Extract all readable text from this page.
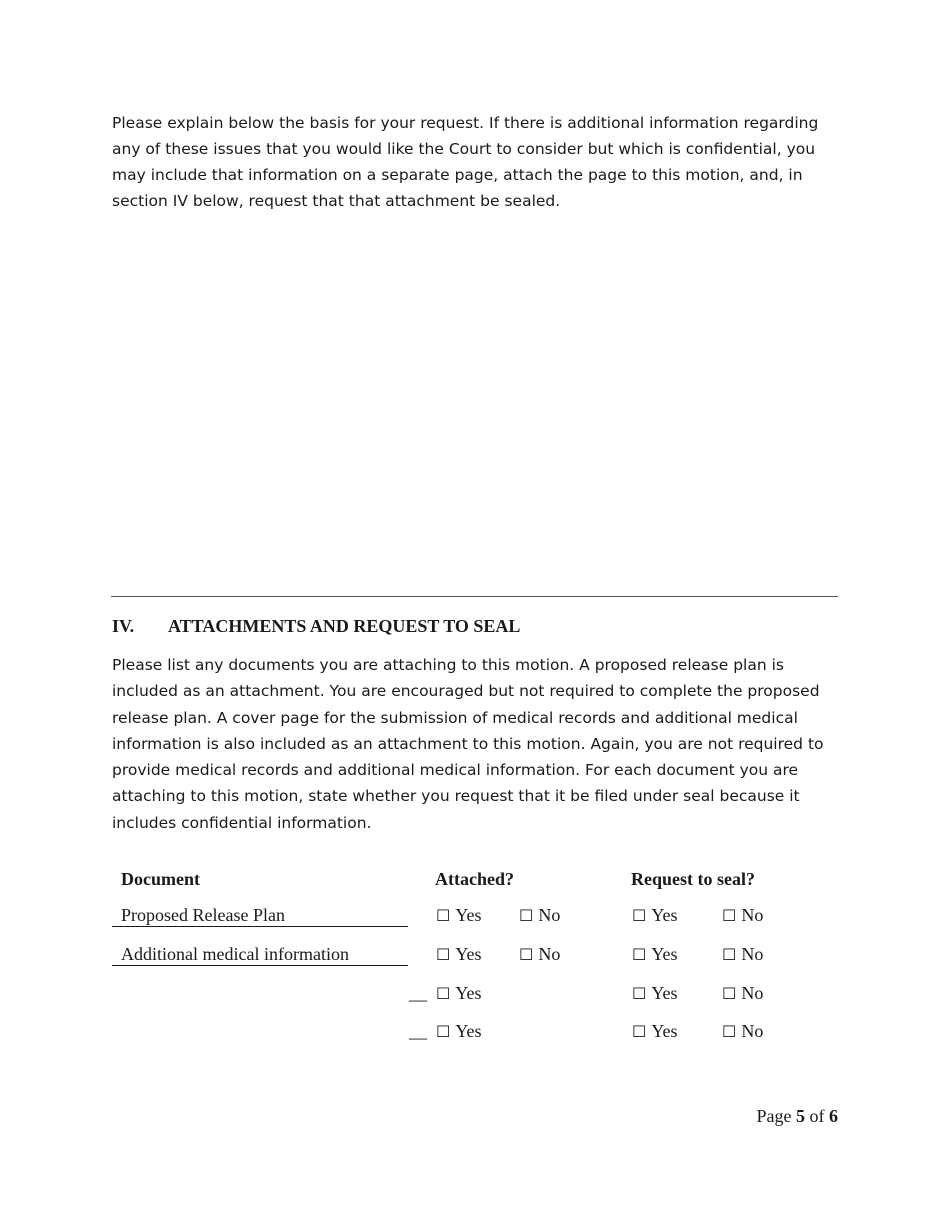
Please explain below the basis for your request. If there is additional information regarding any of these issues that you would like the Court to consider but which is confidential, you may include that information on a separate page, attach the page to this motion, and, in section IV below, request that that attachment be sealed.

IV. ATTACHMENTS AND REQUEST TO SEAL

Please list any documents you are attaching to this motion. A proposed release plan is included as an attachment. You are encouraged but not required to complete the proposed release plan. A cover page for the submission of medical records and additional medical information is also included as an attachment to this motion. Again, you are not required to provide medical records and additional medical information. For each document you are attaching to this motion, state whether you request that it be filed under seal because it includes confidential information.

Document	Attached?	Request to seal?
Proposed Release Plan	☐ Yes ☐ No	☐ Yes	☐ No
Additional medical information	☐ Yes ☐ No	☐ Yes	☐ No
__ ☐ Yes	☐ Yes	☐ No
__ ☐ Yes	☐ Yes	☐ No
Page 5 of 6
